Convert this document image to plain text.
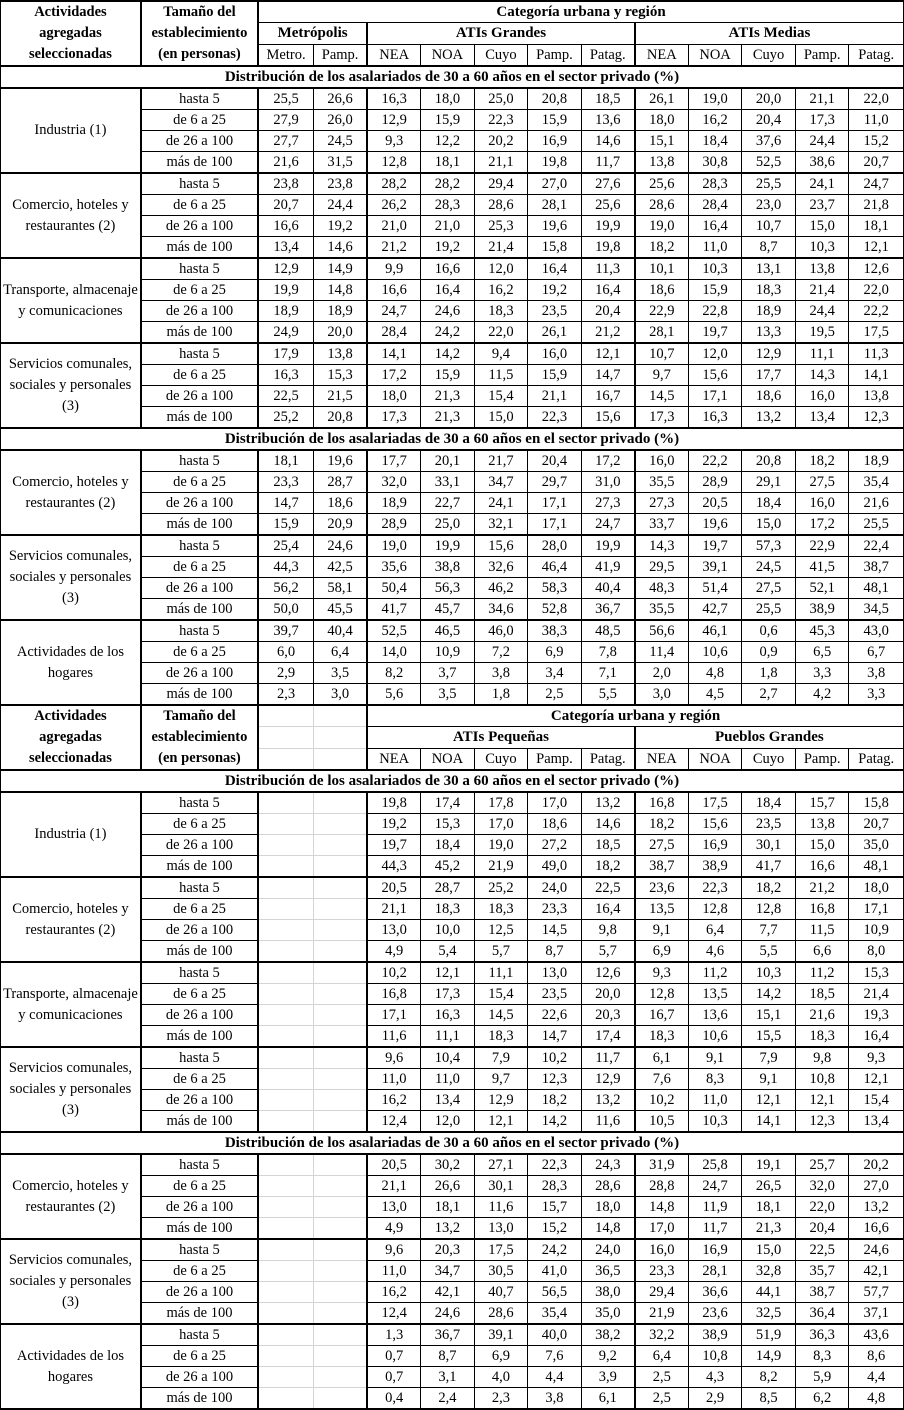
Actividades
agregadas
seleccionadas

Tamaño del
establecimiento
(en personas)
	Categoría urbana y región
		Metrópolis		ATIs Grandes					ATIs Medias				
		Metro.	Pamp.	NEA	NOA	Cuyo	Pamp.	Patag.	NEA	NOA	Cuyo	Pamp.	Patag.
Distribución de los asalariados de 30 a 60 años en el sector privado (%)													
Industria (1)	hasta 5	25,5	26,6	16,3	18,0	25,0	20,8	18,5	26,1	19,0	20,0	21,1	22,0
	de 6 a 25	27,9	26,0	12,9	15,9	22,3	15,9	13,6	18,0	16,2	20,4	17,3	11,0
	de 26 a 100	27,7	24,5	9,3	12,2	20,2	16,9	14,6	15,1	18,4	37,6	24,4	15,2
	más de 100	21,6	31,5	12,8	18,1	21,1	19,8	11,7	13,8	30,8	52,5	38,6	20,7
Comercio, hoteles y restaurantes (2)	hasta 5	23,8	23,8	28,2	28,2	29,4	27,0	27,6	25,6	28,3	25,5	24,1	24,7
	de 6 a 25	20,7	24,4	26,2	28,3	28,6	28,1	25,6	28,6	28,4	23,0	23,7	21,8
	de 26 a 100	16,6	19,2	21,0	21,0	25,3	19,6	19,9	19,0	16,4	10,7	15,0	18,1
	más de 100	13,4	14,6	21,2	19,2	21,4	15,8	19,8	18,2	11,0	8,7	10,3	12,1
Transporte, almacenaje y comunicaciones	hasta 5	12,9	14,9	9,9	16,6	12,0	16,4	11,3	10,1	10,3	13,1	13,8	12,6
	de 6 a 25	19,9	14,8	16,6	16,4	16,2	19,2	16,4	18,6	15,9	18,3	21,4	22,0
	de 26 a 100	18,9	18,9	24,7	24,6	18,3	23,5	20,4	22,9	22,8	18,9	24,4	22,2
	más de 100	24,9	20,0	28,4	24,2	22,0	26,1	21,2	28,1	19,7	13,3	19,5	17,5
Servicios comunales, sociales y personales (3)	hasta 5	17,9	13,8	14,1	14,2	9,4	16,0	12,1	10,7	12,0	12,9	11,1	11,3
	de 6 a 25	16,3	15,3	17,2	15,9	11,5	15,9	14,7	9,7	15,6	17,7	14,3	14,1
	de 26 a 100	22,5	21,5	18,0	21,3	15,4	21,1	16,7	14,5	17,1	18,6	16,0	13,8
	más de 100	25,2	20,8	17,3	21,3	15,0	22,3	15,6	17,3	16,3	13,2	13,4	12,3
Distribución de los asalariadas de 30 a 60 años en el sector privado (%)													
Comercio, hoteles y restaurantes (2)	hasta 5	18,1	19,6	17,7	20,1	21,7	20,4	17,2	16,0	22,2	20,8	18,2	18,9
	de 6 a 25	23,3	28,7	32,0	33,1	34,7	29,7	31,0	35,5	28,9	29,1	27,5	35,4
	de 26 a 100	14,7	18,6	18,9	22,7	24,1	17,1	27,3	27,3	20,5	18,4	16,0	21,6
	más de 100	15,9	20,9	28,9	25,0	32,1	17,1	24,7	33,7	19,6	15,0	17,2	25,5
Servicios comunales, sociales y personales (3)	hasta 5	25,4	24,6	19,0	19,9	15,6	28,0	19,9	14,3	19,7	57,3	22,9	22,4
	de 6 a 25	44,3	42,5	35,6	38,8	32,6	46,4	41,9	29,5	39,1	24,5	41,5	38,7
	de 26 a 100	56,2	58,1	50,4	56,3	46,2	58,3	40,4	48,3	51,4	27,5	52,1	48,1
	más de 100	50,0	45,5	41,7	45,7	34,6	52,8	36,7	35,5	42,7	25,5	38,9	34,5
Actividades de los hogares	hasta 5	39,7	40,4	52,5	46,5	46,0	38,3	48,5	56,6	46,1	0,6	45,3	43,0
	de 6 a 25	6,0	6,4	14,0	10,9	7,2	6,9	7,8	11,4	10,6	0,9	6,5	6,7
	de 26 a 100	2,9	3,5	8,2	3,7	3,8	3,4	7,1	2,0	4,8	1,8	3,3	3,8
	más de 100	2,3	3,0	5,6	3,5	1,8	2,5	5,5	3,0	4,5	2,7	4,2	3,3

Actividades
agregadas
seleccionadas

Tamaño del
establecimiento
(en personas)
			Categoría urbana y región
				ATIs Pequeñas					Pueblos Grandes				
				NEA	NOA	Cuyo	Pamp.	Patag.	NEA	NOA	Cuyo	Pamp.	Patag.
Distribución de los asalariados de 30 a 60 años en el sector privado (%)													
Industria (1)	hasta 5			19,8	17,4	17,8	17,0	13,2	16,8	17,5	18,4	15,7	15,8
	de 6 a 25			19,2	15,3	17,0	18,6	14,6	18,2	15,6	23,5	13,8	20,7
	de 26 a 100			19,7	18,4	19,0	27,2	18,5	27,5	16,9	30,1	15,0	35,0
	más de 100			44,3	45,2	21,9	49,0	18,2	38,7	38,9	41,7	16,6	48,1
Comercio, hoteles y restaurantes (2)	hasta 5			20,5	28,7	25,2	24,0	22,5	23,6	22,3	18,2	21,2	18,0
	de 6 a 25			21,1	18,3	18,3	23,3	16,4	13,5	12,8	12,8	16,8	17,1
	de 26 a 100			13,0	10,0	12,5	14,5	9,8	9,1	6,4	7,7	11,5	10,9
	más de 100			4,9	5,4	5,7	8,7	5,7	6,9	4,6	5,5	6,6	8,0
Transporte, almacenaje y comunicaciones	hasta 5			10,2	12,1	11,1	13,0	12,6	9,3	11,2	10,3	11,2	15,3
	de 6 a 25			16,8	17,3	15,4	23,5	20,0	12,8	13,5	14,2	18,5	21,4
	de 26 a 100			17,1	16,3	14,5	22,6	20,3	16,7	13,6	15,1	21,6	19,3
	más de 100			11,6	11,1	18,3	14,7	17,4	18,3	10,6	15,5	18,3	16,4
Servicios comunales, sociales y personales (3)	hasta 5			9,6	10,4	7,9	10,2	11,7	6,1	9,1	7,9	9,8	9,3
	de 6 a 25			11,0	11,0	9,7	12,3	12,9	7,6	8,3	9,1	10,8	12,1
	de 26 a 100			16,2	13,4	12,9	18,2	13,2	10,2	11,0	12,1	12,1	15,4
	más de 100			12,4	12,0	12,1	14,2	11,6	10,5	10,3	14,1	12,3	13,4
Distribución de los asalariadas de 30 a 60 años en el sector privado (%)													
Comercio, hoteles y restaurantes (2)	hasta 5			20,5	30,2	27,1	22,3	24,3	31,9	25,8	19,1	25,7	20,2
	de 6 a 25			21,1	26,6	30,1	28,3	28,6	28,8	24,7	26,5	32,0	27,0
	de 26 a 100			13,0	18,1	11,6	15,7	18,0	14,8	11,9	18,1	22,0	13,2
	más de 100			4,9	13,2	13,0	15,2	14,8	17,0	11,7	21,3	20,4	16,6
Servicios comunales, sociales y personales (3)	hasta 5			9,6	20,3	17,5	24,2	24,0	16,0	16,9	15,0	22,5	24,6
	de 6 a 25			11,0	34,7	30,5	41,0	36,5	23,3	28,1	32,8	35,7	42,1
	de 26 a 100			16,2	42,1	40,7	56,5	38,0	29,4	36,6	44,1	38,7	57,7
	más de 100			12,4	24,6	28,6	35,4	35,0	21,9	23,6	32,5	36,4	37,1
Actividades de los hogares	hasta 5			1,3	36,7	39,1	40,0	38,2	32,2	38,9	51,9	36,3	43,6
	de 6 a 25			0,7	8,7	6,9	7,6	9,2	6,4	10,8	14,9	8,3	8,6
	de 26 a 100			0,7	3,1	4,0	4,4	3,9	2,5	4,3	8,2	5,9	4,4
	más de 100			0,4	2,4	2,3	3,8	6,1	2,5	2,9	8,5	6,2	4,8
